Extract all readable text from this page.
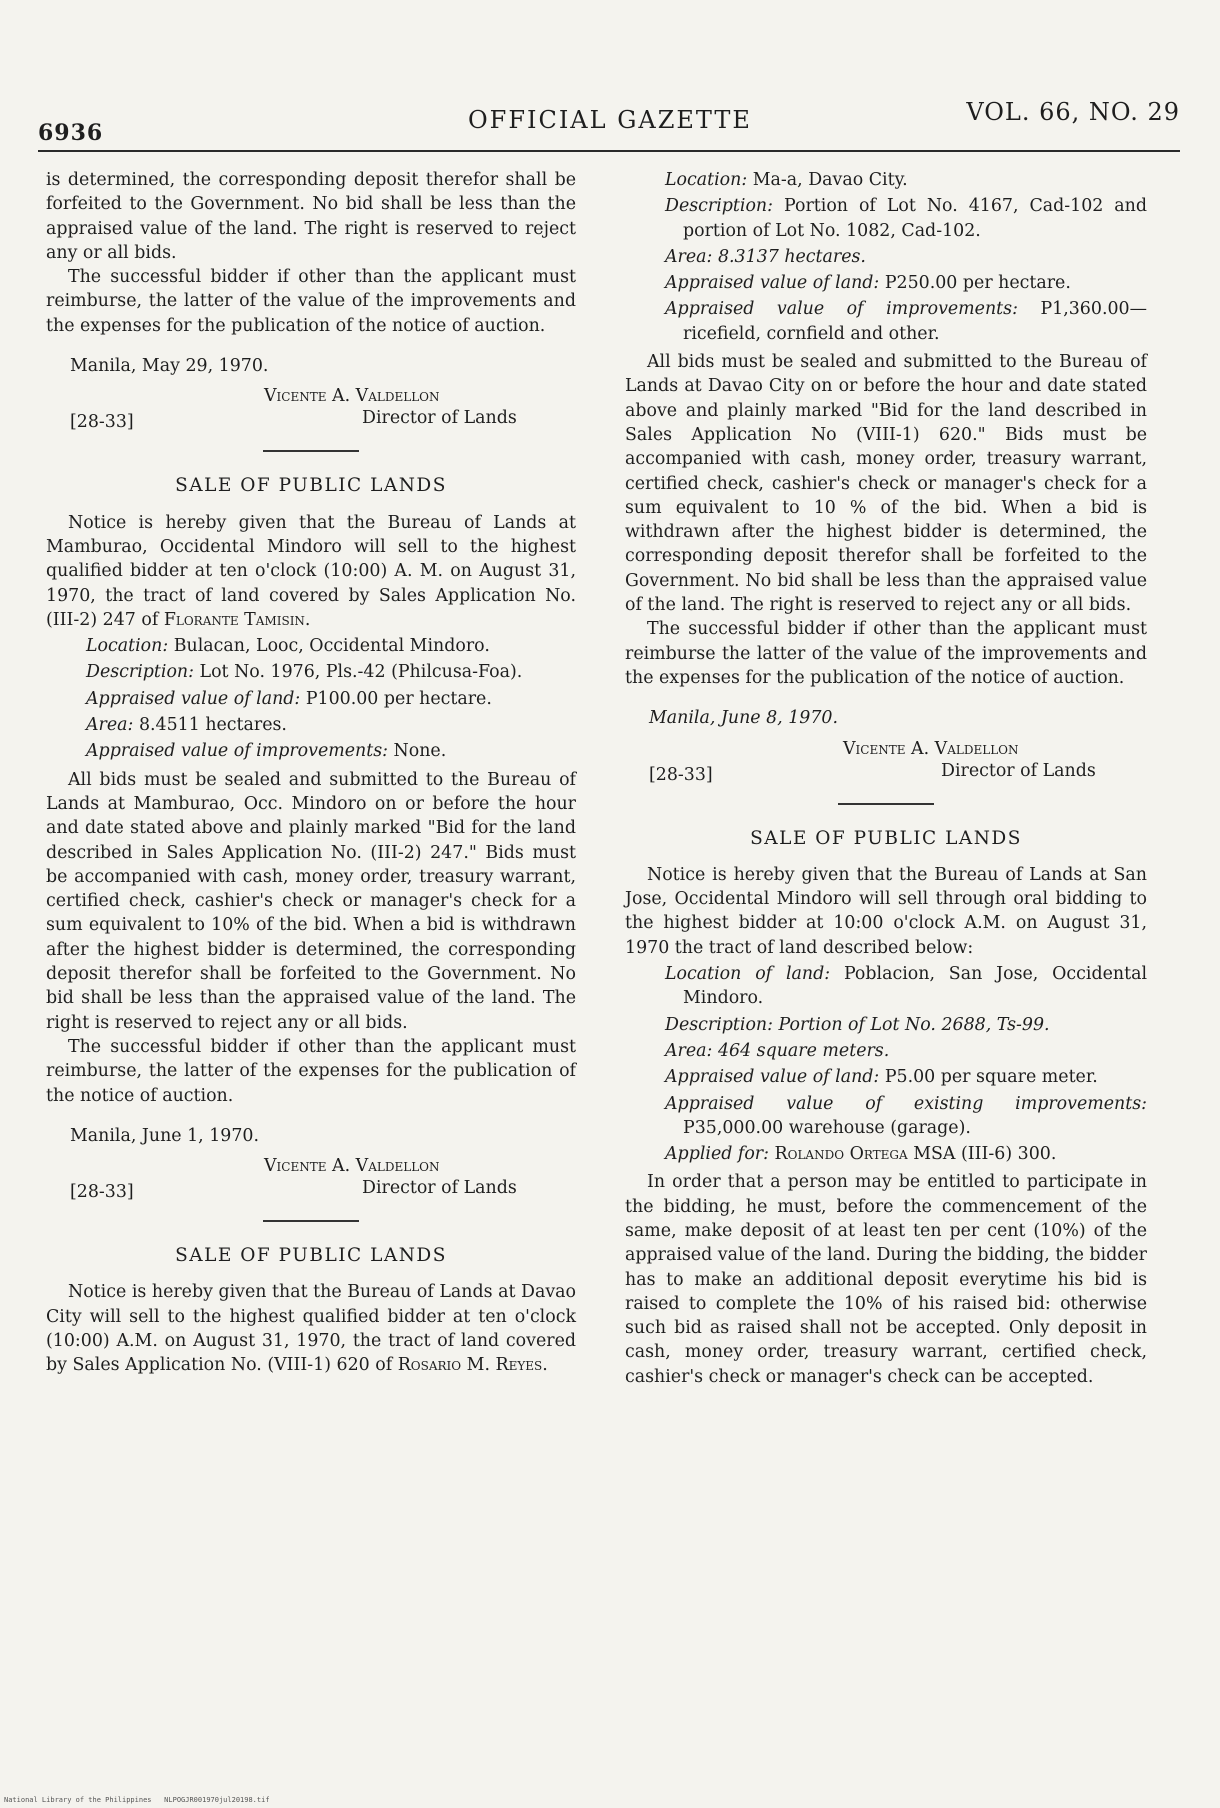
6936	OFFICIAL GAZETTE	VOL. 66, NO. 29

is determined, the corresponding deposit therefor shall be forfeited to the Government. No bid shall be less than the appraised value of the land. The right is reserved to reject any or all bids.

The successful bidder if other than the applicant must reimburse, the latter of the value of the improvements and the expenses for the publication of the notice of auction.

Manila, May 29, 1970.

Vicente A. Valdellon
Director of Lands
[28-33]
SALE OF PUBLIC LANDS

Notice is hereby given that the Bureau of Lands at Mamburao, Occidental Mindoro will sell to the highest qualified bidder at ten o'clock (10:00) A. M. on August 31, 1970, the tract of land covered by Sales Application No. (III-2) 247 of Florante Tamisin.

Location: Bulacan, Looc, Occidental Mindoro.

Description: Lot No. 1976, Pls.-42 (Philcusa-Foa).

Appraised value of land: P100.00 per hectare.

Area: 8.4511 hectares.

Appraised value of improvements: None.

All bids must be sealed and submitted to the Bureau of Lands at Mamburao, Occ. Mindoro on or before the hour and date stated above and plainly marked "Bid for the land described in Sales Application No. (III-2) 247." Bids must be accompanied with cash, money order, treasury warrant, certified check, cashier's check or manager's check for a sum equivalent to 10% of the bid. When a bid is withdrawn after the highest bidder is determined, the corresponding deposit therefor shall be forfeited to the Government. No bid shall be less than the appraised value of the land. The right is reserved to reject any or all bids.

The successful bidder if other than the applicant must reimburse, the latter of the expenses for the publication of the notice of auction.

Manila, June 1, 1970.

Vicente A. Valdellon
Director of Lands
[28-33]
SALE OF PUBLIC LANDS

Notice is hereby given that the Bureau of Lands at Davao City will sell to the highest qualified bidder at ten o'clock (10:00) A.M. on August 31, 1970, the tract of land covered by Sales Application No. (VIII-1) 620 of Rosario M. Reyes.

Location: Ma-a, Davao City.

Description: Portion of Lot No. 4167, Cad-102 and portion of Lot No. 1082, Cad-102.

Area: 8.3137 hectares.

Appraised value of land: P250.00 per hectare.

Appraised value of improvements: P1,360.00—ricefield, cornfield and other.

All bids must be sealed and submitted to the Bureau of Lands at Davao City on or before the hour and date stated above and plainly marked "Bid for the land described in Sales Application No (VIII-1) 620." Bids must be accompanied with cash, money order, treasury warrant, certified check, cashier's check or manager's check for a sum equivalent to 10 % of the bid. When a bid is withdrawn after the highest bidder is determined, the corresponding deposit therefor shall be forfeited to the Government. No bid shall be less than the appraised value of the land. The right is reserved to reject any or all bids.

The successful bidder if other than the applicant must reimburse the latter of the value of the improvements and the expenses for the publication of the notice of auction.

Manila, June 8, 1970.

Vicente A. Valdellon
Director of Lands
[28-33]
SALE OF PUBLIC LANDS

Notice is hereby given that the Bureau of Lands at San Jose, Occidental Mindoro will sell through oral bidding to the highest bidder at 10:00 o'clock A.M. on August 31, 1970 the tract of land described below:

Location of land: Poblacion, San Jose, Occidental Mindoro.

Description: Portion of Lot No. 2688, Ts-99.

Area: 464 square meters.

Appraised value of land: P5.00 per square meter.

Appraised value of existing improvements: P35,000.00 warehouse (garage).

Applied for: Rolando Ortega MSA (III-6) 300.

In order that a person may be entitled to participate in the bidding, he must, before the commencement of the same, make deposit of at least ten per cent (10%) of the appraised value of the land. During the bidding, the bidder has to make an additional deposit everytime his bid is raised to complete the 10% of his raised bid: otherwise such bid as raised shall not be accepted. Only deposit in cash, money order, treasury warrant, certified check, cashier's check or manager's check can be accepted.

National Library of the Philippines NLPOGJR001970jul20198.tif
